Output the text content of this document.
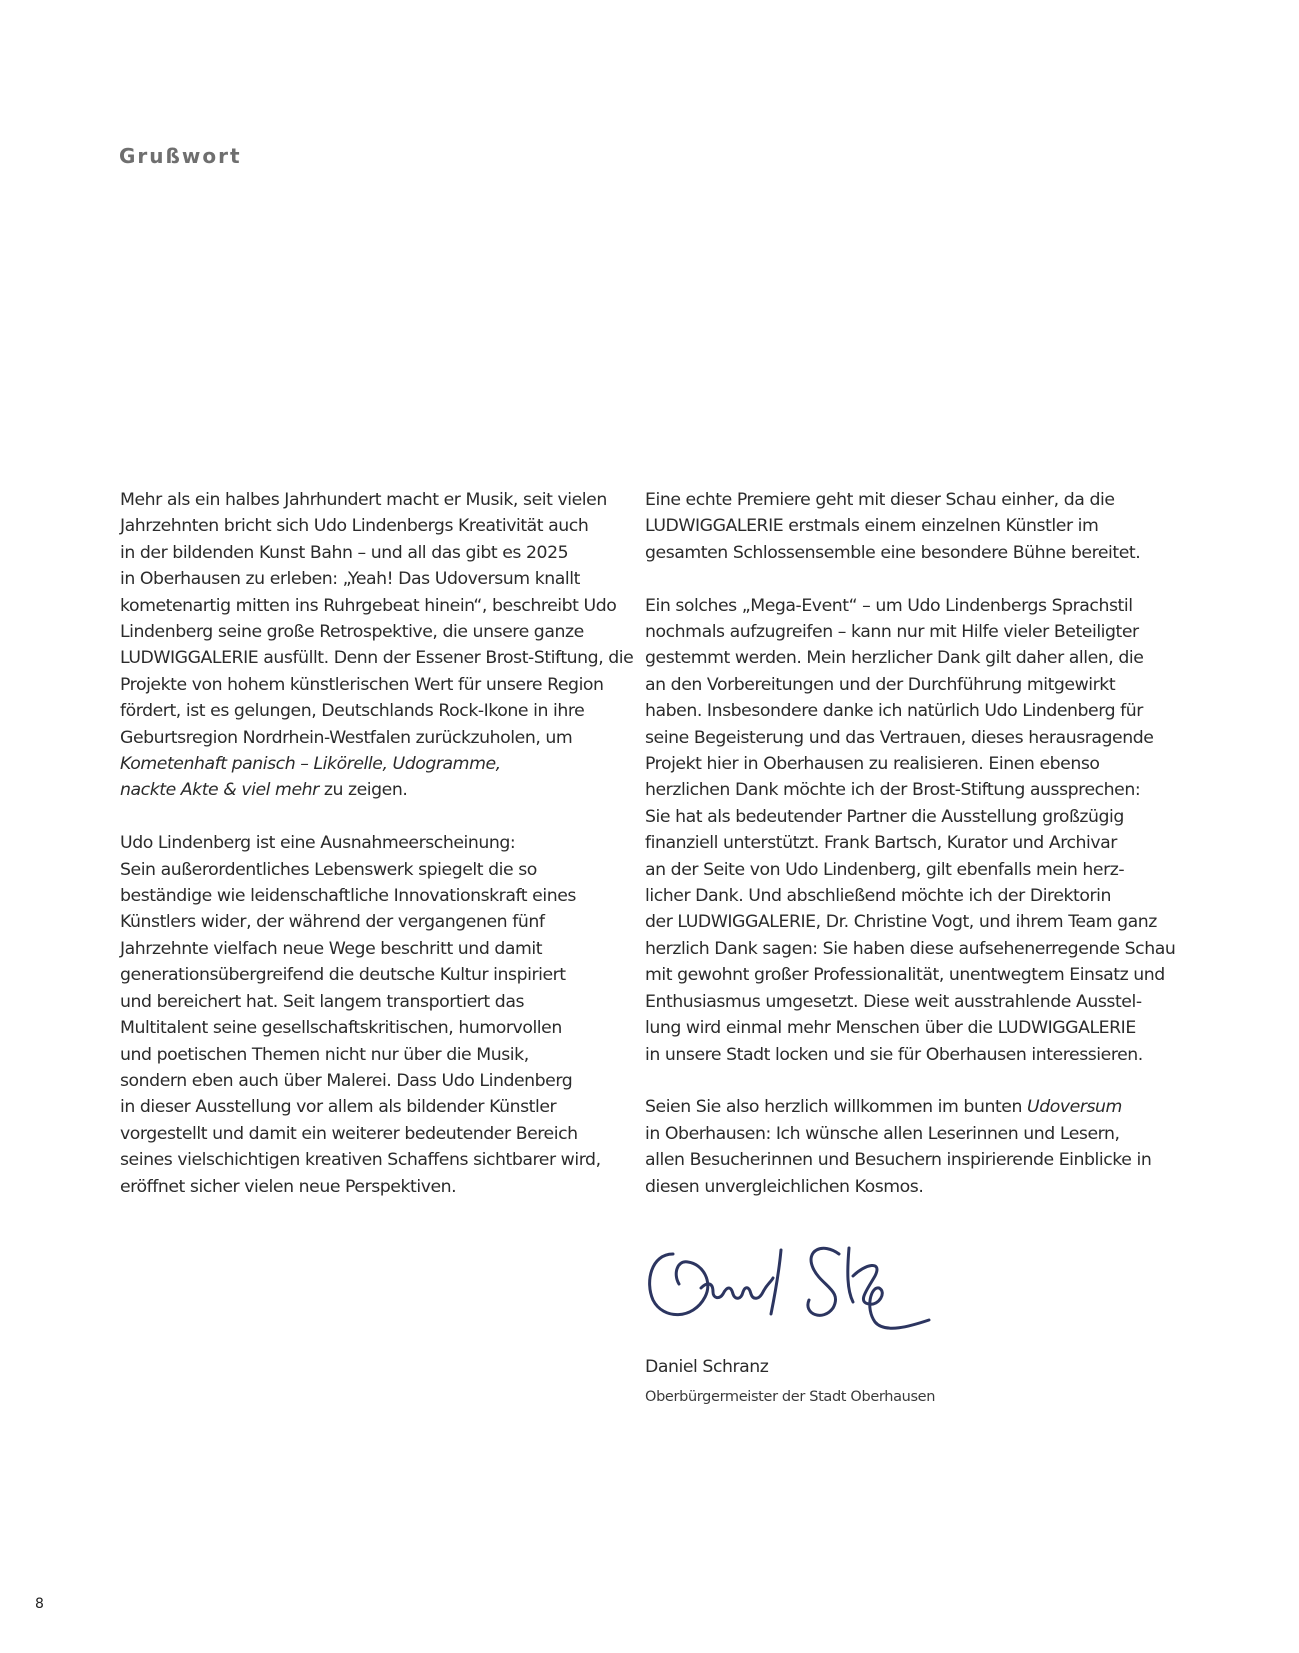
Grußwort
Mehr als ein halbes Jahrhundert macht er Musik, seit vielen
Jahrzehnten bricht sich Udo Lindenbergs Kreativität auch
in der bildenden Kunst Bahn – und all das gibt es 2025
in Oberhausen zu erleben: „Yeah! Das Udoversum knallt
kometenartig mitten ins Ruhrgebeat hinein“, beschreibt Udo
Lindenberg seine große Retrospektive, die unsere ganze
LUDWIGGALERIE ausfüllt. Denn der Essener Brost-Stiftung, die
Projekte von hohem künstlerischen Wert für unsere Region
fördert, ist es gelungen, Deutschlands Rock-Ikone in ihre
Geburtsregion Nordrhein-Westfalen zurückzuholen, um
Kometenhaft panisch – Likörelle, Udogramme,
nackte Akte & viel mehr zu zeigen.
Udo Lindenberg ist eine Ausnahmeerscheinung:
Sein außerordentliches Lebenswerk spiegelt die so
beständige wie leidenschaftliche Innovationskraft eines
Künstlers wider, der während der vergangenen fünf
Jahrzehnte vielfach neue Wege beschritt und damit
generationsübergreifend die deutsche Kultur inspiriert
und bereichert hat. Seit langem transportiert das
Multitalent seine gesellschaftskritischen, humorvollen
und poetischen Themen nicht nur über die Musik,
sondern eben auch über Malerei. Dass Udo Lindenberg
in dieser Ausstellung vor allem als bildender Künstler
vorgestellt und damit ein weiterer bedeutender Bereich
seines vielschichtigen kreativen Schaffens sichtbarer wird,
eröffnet sicher vielen neue Perspektiven.
Eine echte Premiere geht mit dieser Schau einher, da die
LUDWIGGALERIE erstmals einem einzelnen Künstler im
gesamten Schlossensemble eine besondere Bühne bereitet.
Ein solches „Mega-Event“ – um Udo Lindenbergs Sprachstil
nochmals aufzugreifen – kann nur mit Hilfe vieler Beteiligter
gestemmt werden. Mein herzlicher Dank gilt daher allen, die
an den Vorbereitungen und der Durchführung mitgewirkt
haben. Insbesondere danke ich natürlich Udo Lindenberg für
seine Begeisterung und das Vertrauen, dieses herausragende
Projekt hier in Oberhausen zu realisieren. Einen ebenso
herzlichen Dank möchte ich der Brost-Stiftung aussprechen:
Sie hat als bedeutender Partner die Ausstellung großzügig
finanziell unterstützt. Frank Bartsch, Kurator und Archivar
an der Seite von Udo Lindenberg, gilt ebenfalls mein herz-
licher Dank. Und abschließend möchte ich der Direktorin
der LUDWIGGALERIE, Dr. Christine Vogt, und ihrem Team ganz
herzlich Dank sagen: Sie haben diese aufsehenerregende Schau
mit gewohnt großer Professionalität, unentwegtem Einsatz und
Enthusiasmus umgesetzt. Diese weit ausstrahlende Ausstel-
lung wird einmal mehr Menschen über die LUDWIGGALERIE
in unsere Stadt locken und sie für Oberhausen interessieren.
Seien Sie also herzlich willkommen im bunten Udoversum
in Oberhausen: Ich wünsche allen Leserinnen und Lesern,
allen Besucherinnen und Besuchern inspirierende Einblicke in
diesen unvergleichlichen Kosmos.
Daniel Schranz
Oberbürgermeister der Stadt Oberhausen
8
